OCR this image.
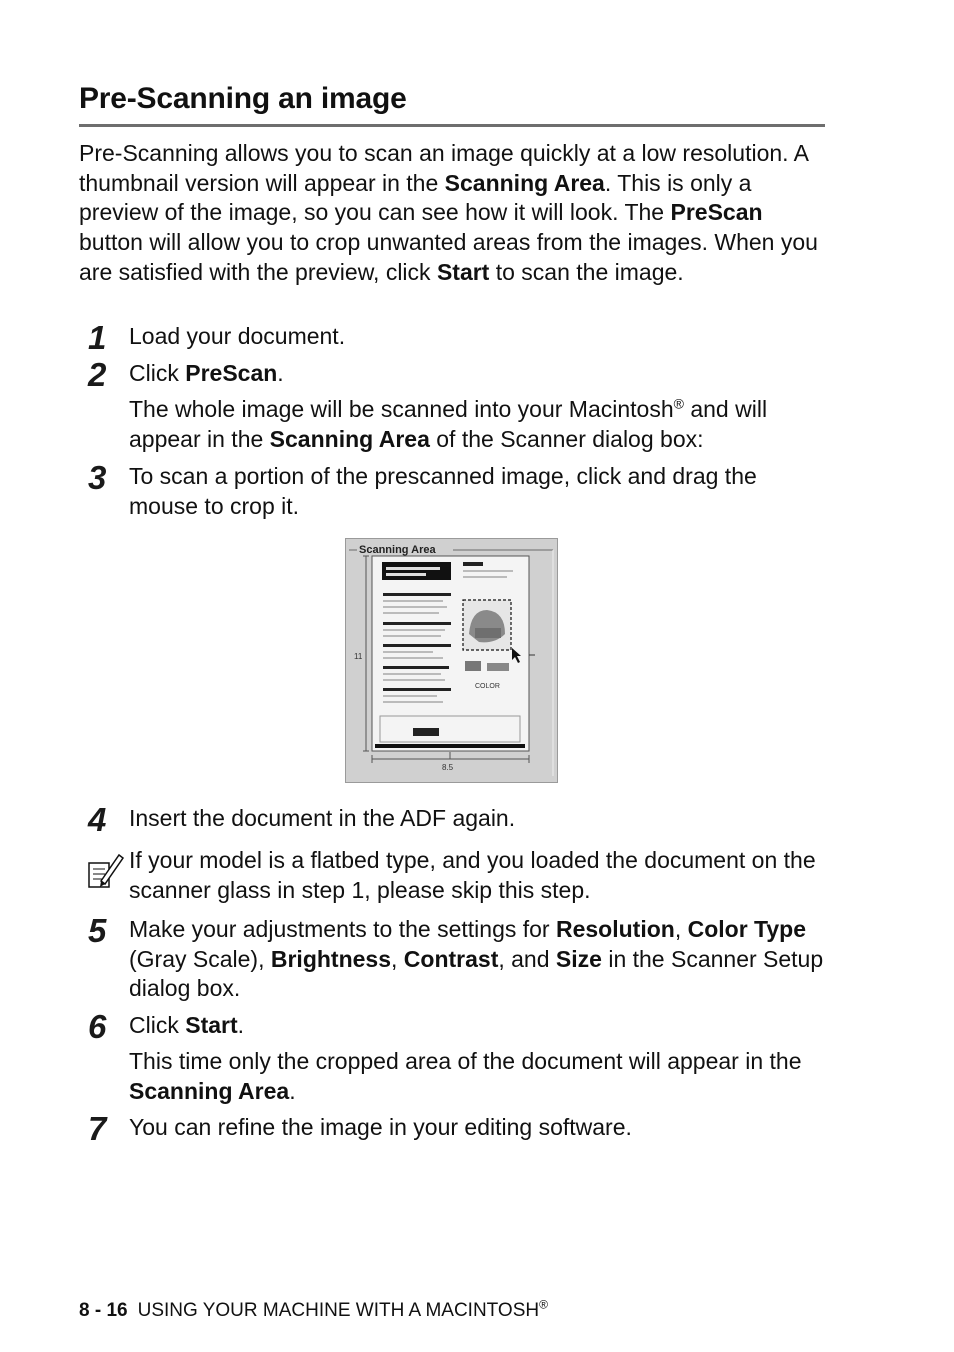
Pre-Scanning an image

Pre-Scanning allows you to scan an image quickly at a low resolution. A thumbnail version will appear in the Scanning Area. This is only a preview of the image, so you can see how it will look. The PreScan button will allow you to crop unwanted areas from the images. When you are satisfied with the preview, click Start to scan the image.

1 Load your document.
2 Click PreScan.

The whole image will be scanned into your Macintosh® and will appear in the Scanning Area of the Scanner dialog box:

3 To scan a portion of the prescanned image, click and drag the mouse to crop it.
Scanning Area
COLOR
11
8.5
4 Insert the document in the ADF again.

If your model is a flatbed type, and you loaded the document on the scanner glass in step 1, please skip this step.

5 Make your adjustments to the settings for Resolution, Color Type (Gray Scale), Brightness, Contrast, and Size in the Scanner Setup dialog box.
6 Click Start.

This time only the cropped area of the document will appear in the Scanning Area.

7 You can refine the image in your editing software.
8 - 16 USING YOUR MACHINE WITH A MACINTOSH®
